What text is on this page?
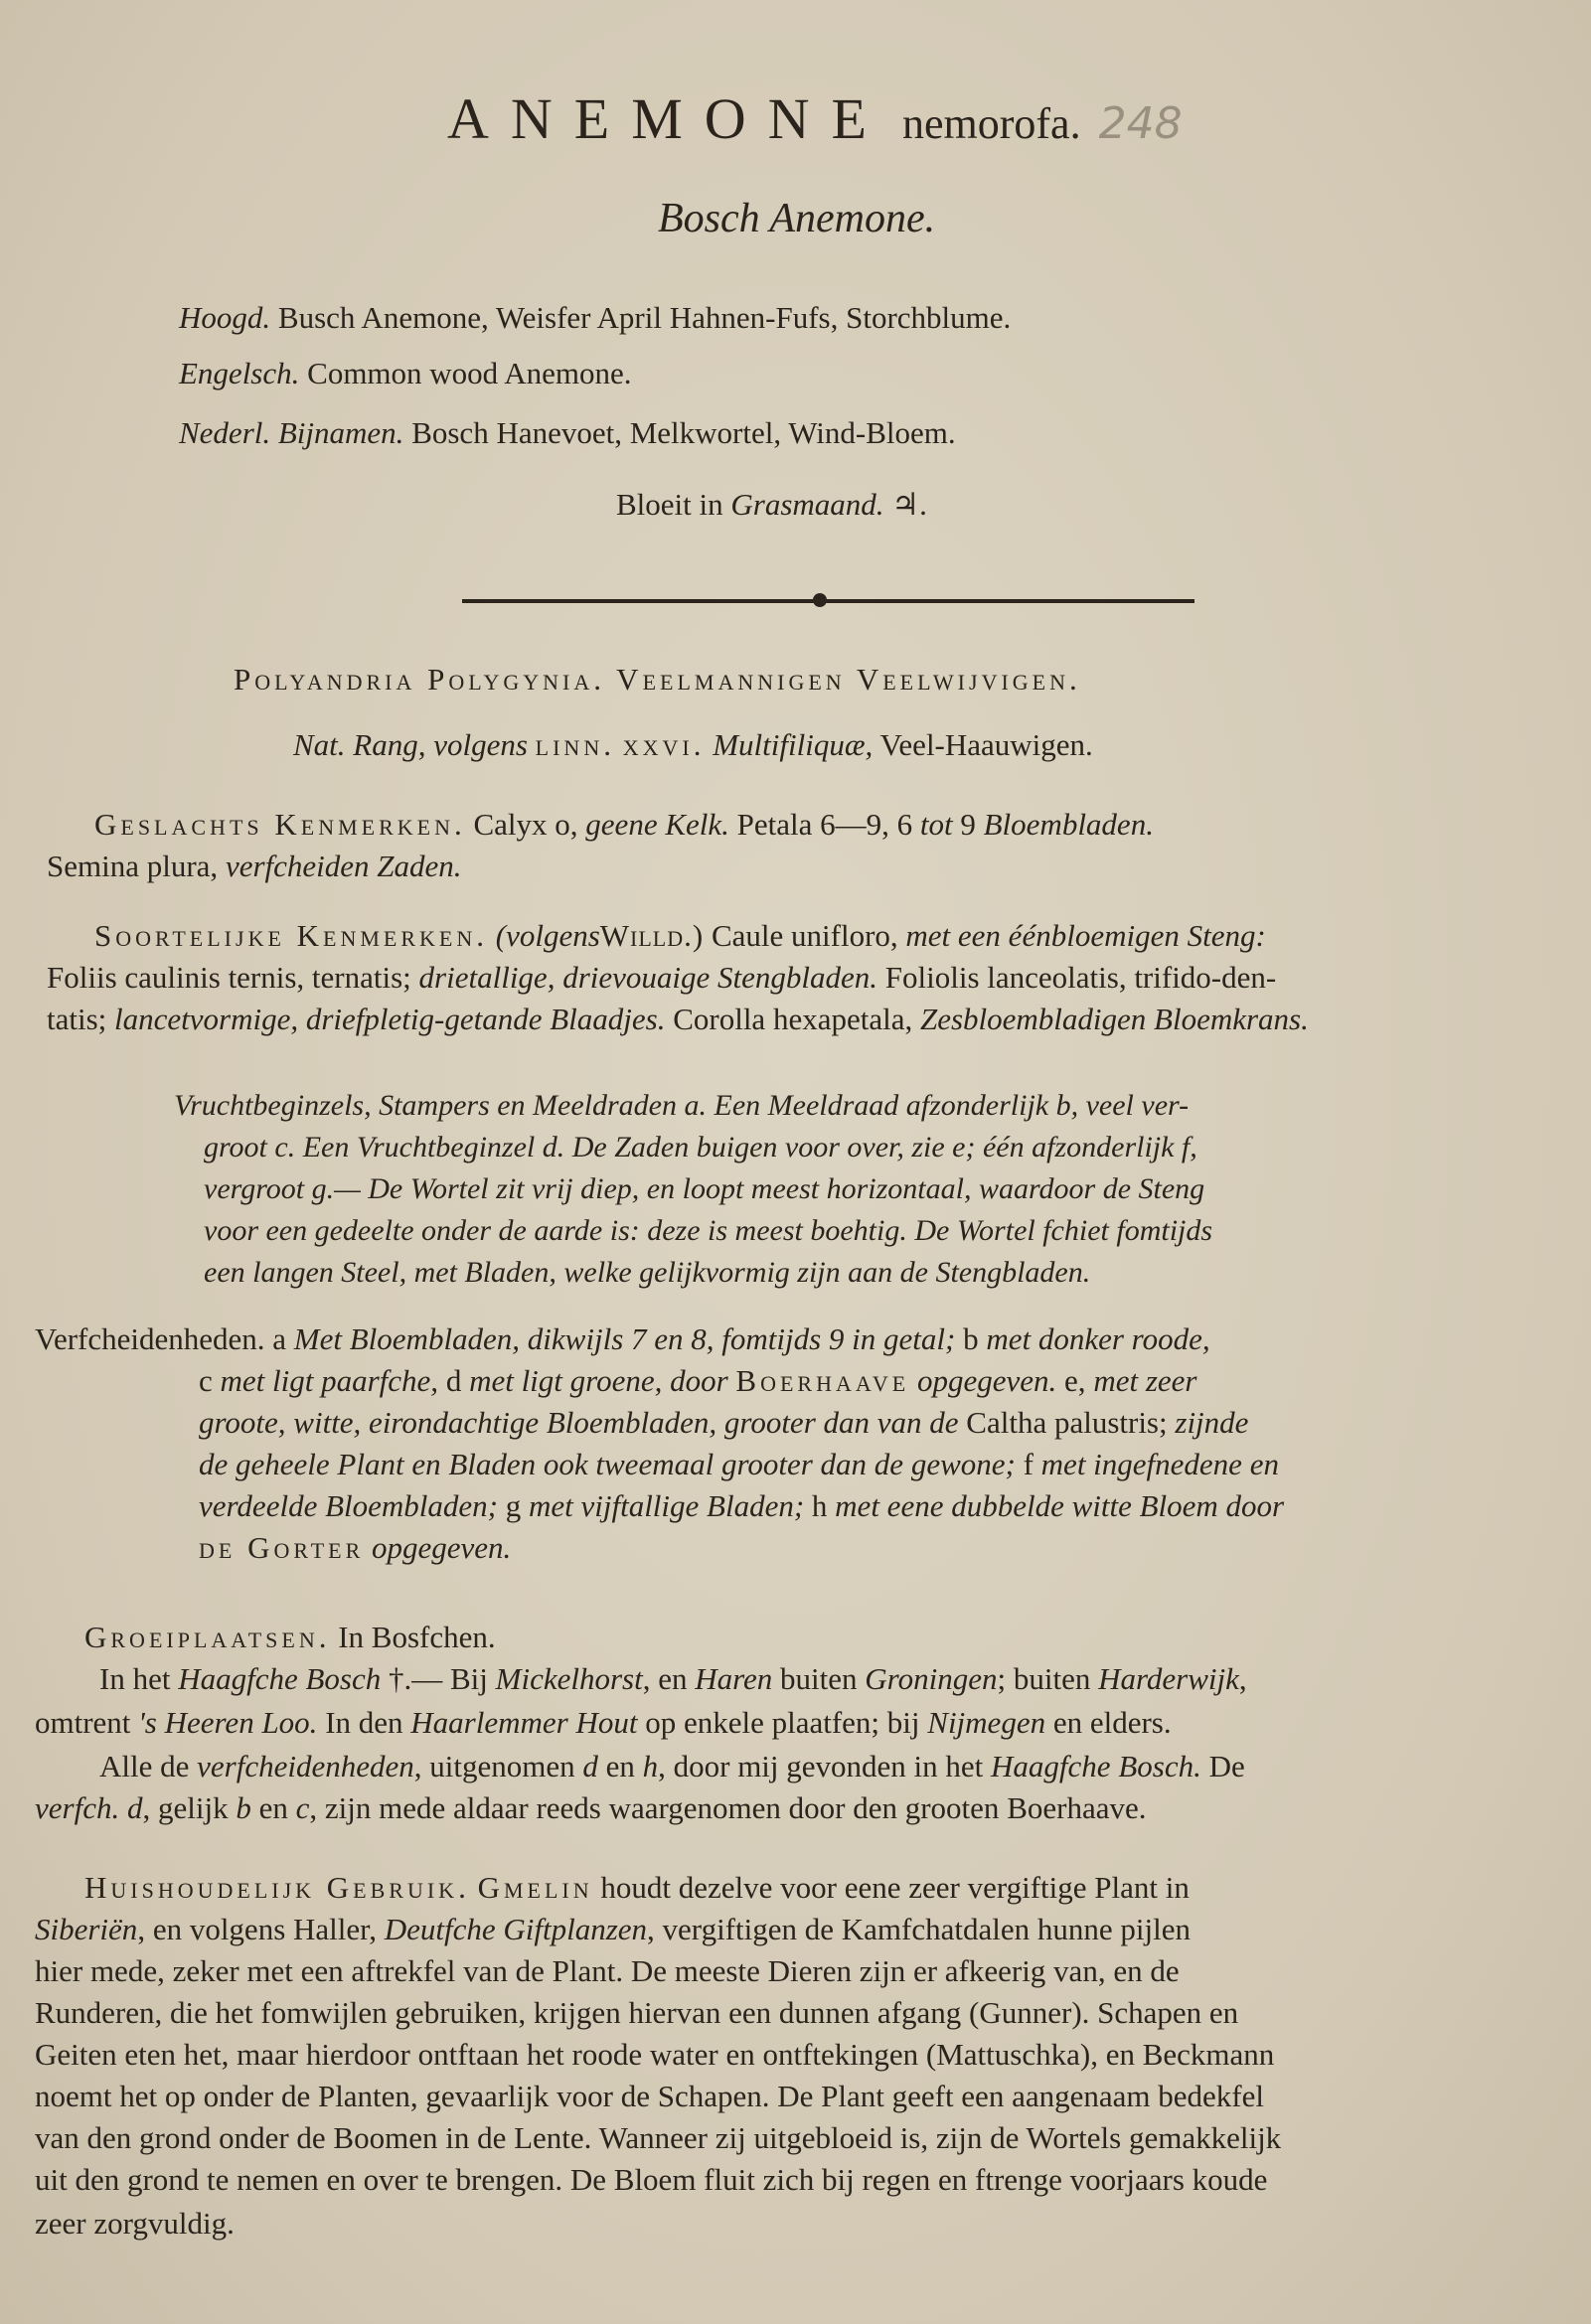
ANEMONE nemorofa. 248
Bosch Anemone.
Hoogd. Busch Anemone, Weisfer April Hahnen-Fufs, Storchblume.
Engelsch. Common wood Anemone.
Nederl. Bijnamen. Bosch Hanevoet, Melkwortel, Wind-Bloem.
Bloeit in Grasmaand. ♃.
Polyandria Polygynia. Veelmannigen Veelwijvigen.
Nat. Rang, volgens linn. xxvi. Multifiliquæ, Veel-Haauwigen.
Geslachts Kenmerken. Calyx o, geene Kelk. Petala 6—9, 6 tot 9 Bloembladen.
Semina plura, verfcheiden Zaden.
Soortelijke Kenmerken. (volgensWilld.) Caule unifloro, met een éénbloemigen Steng:
Foliis caulinis ternis, ternatis; drietallige, drievouaige Stengbladen. Foliolis lanceolatis, trifido-den-
tatis; lancetvormige, driefpletig-getande Blaadjes. Corolla hexapetala, Zesbloembladigen Bloemkrans.
Vruchtbeginzels, Stampers en Meeldraden a. Een Meeldraad afzonderlijk b, veel ver-
groot c. Een Vruchtbeginzel d. De Zaden buigen voor over, zie e; één afzonderlijk f,
vergroot g.— De Wortel zit vrij diep, en loopt meest horizontaal, waardoor de Steng
voor een gedeelte onder de aarde is: deze is meest boehtig. De Wortel fchiet fomtijds
een langen Steel, met Bladen, welke gelijkvormig zijn aan de Stengbladen.
Verfcheidenheden. a Met Bloembladen, dikwijls 7 en 8, fomtijds 9 in getal; b met donker roode,
c met ligt paarfche, d met ligt groene, door Boerhaave opgegeven. e, met zeer
groote, witte, eirondachtige Bloembladen, grooter dan van de Caltha palustris; zijnde
de geheele Plant en Bladen ook tweemaal grooter dan de gewone; f met ingefnedene en
verdeelde Bloembladen; g met vijftallige Bladen; h met eene dubbelde witte Bloem door
de Gorter opgegeven.
Groeiplaatsen. In Bosfchen.
In het Haagfche Bosch †.— Bij Mickelhorst, en Haren buiten Groningen; buiten Harderwijk,
omtrent 's Heeren Loo. In den Haarlemmer Hout op enkele plaatfen; bij Nijmegen en elders.
Alle de verfcheidenheden, uitgenomen d en h, door mij gevonden in het Haagfche Bosch. De
verfch. d, gelijk b en c, zijn mede aldaar reeds waargenomen door den grooten Boerhaave.
Huishoudelijk Gebruik. Gmelin houdt dezelve voor eene zeer vergiftige Plant in
Siberiën, en volgens Haller, Deutfche Giftplanzen, vergiftigen de Kamfchatdalen hunne pijlen
hier mede, zeker met een aftrekfel van de Plant. De meeste Dieren zijn er afkeerig van, en de
Runderen, die het fomwijlen gebruiken, krijgen hiervan een dunnen afgang (Gunner). Schapen en
Geiten eten het, maar hierdoor ontftaan het roode water en ontftekingen (Mattuschka), en Beckmann
noemt het op onder de Planten, gevaarlijk voor de Schapen. De Plant geeft een aangenaam bedekfel
van den grond onder de Boomen in de Lente. Wanneer zij uitgebloeid is, zijn de Wortels gemakkelijk
uit den grond te nemen en over te brengen. De Bloem fluit zich bij regen en ftrenge voorjaars koude
zeer zorgvuldig.
